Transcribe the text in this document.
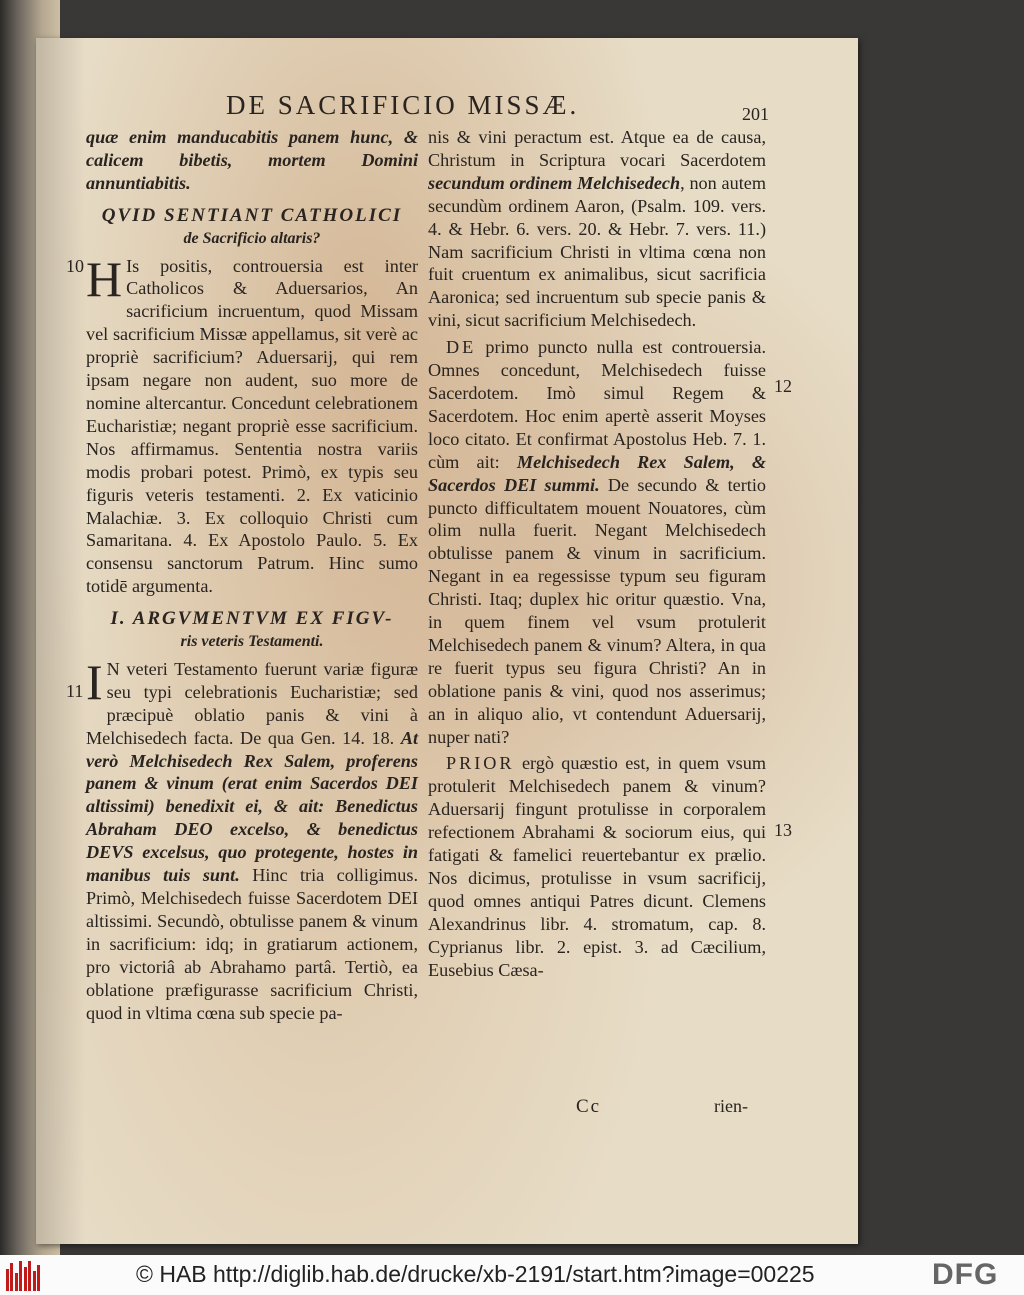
DE SACRIFICIO MISSÆ.	201

quæ enim manducabitis panem hunc, & calicem bibetis, mortem Domini annuntiabitis.

QVID SENTIANT CATHOLICI
de Sacrificio altaris?

H Is positis, controuersia est inter Catholicos & Aduersarios, An sacrificium incruentum, quod Missam vel sacrificium Missæ appellamus, sit verè ac propriè sacrificium? Aduersarij, qui rem ipsam negare non audent, suo more de nomine altercantur. Concedunt celebrationem Eucharistiæ; negant propriè esse sacrificium. Nos affirmamus. Sententia nostra variis modis probari potest. Primò, ex typis seu figuris veteris testamenti. 2. Ex vaticinio Malachiæ. 3. Ex colloquio Christi cum Samaritana. 4. Ex Apostolo Paulo. 5. Ex consensu sanctorum Patrum. Hinc sumo totidē argumenta.

I. ARGVMENTVM EX FIGV-
ris veteris Testamenti.

I N veteri Testamento fuerunt variæ figuræ seu typi celebrationis Eucharistiæ; sed præcipuè oblatio panis & vini à Melchisedech facta. De qua Gen. 14. 18. At verò Melchisedech Rex Salem, proferens panem & vinum (erat enim Sacerdos DEI altissimi) benedixit ei, & ait: Benedictus Abraham DEO excelso, & benedictus DEVS excelsus, quo protegente, hostes in manibus tuis sunt. Hinc tria colligimus. Primò, Melchisedech fuisse Sacerdotem DEI altissimi. Secundò, obtulisse panem & vinum in sacrificium: idq; in gratiarum actionem, pro victoriâ ab Abrahamo partâ. Tertiò, ea oblatione præfigurasse sacrificium Christi, quod in vltima cœna sub specie pa-

nis & vini peractum est. Atque ea de causa, Christum in Scriptura vocari Sacerdotem secundum ordinem Melchisedech, non autem secundùm ordinem Aaron, (Psalm. 109. vers. 4. & Hebr. 6. vers. 20. & Hebr. 7. vers. 11.) Nam sacrificium Christi in vltima cœna non fuit cruentum ex animalibus, sicut sacrificia Aaronica; sed incruentum sub specie panis & vini, sicut sacrificium Melchisedech.

DE primo puncto nulla est controuersia. Omnes concedunt, Melchisedech fuisse Sacerdotem. Imò simul Regem & Sacerdotem. Hoc enim apertè asserit Moyses loco citato. Et confirmat Apostolus Heb. 7. 1. cùm ait: Melchisedech Rex Salem, & Sacerdos DEI summi. De secundo & tertio puncto difficultatem mouent Nouatores, cùm olim nulla fuerit. Negant Melchisedech obtulisse panem & vinum in sacrificium. Negant in ea regessisse typum seu figuram Christi. Itaq; duplex hic oritur quæstio. Vna, in quem finem vel vsum protulerit Melchisedech panem & vinum? Altera, in qua re fuerit typus seu figura Christi? An in oblatione panis & vini, quod nos asserimus; an in aliquo alio, vt contendunt Aduersarij, nuper nati?

PRIOR ergò quæstio est, in quem vsum protulerit Melchisedech panem & vinum? Aduersarij fingunt protulisse in corporalem refectionem Abrahami & sociorum eius, qui fatigati & famelici reuertebantur ex prælio. Nos dicimus, protulisse in vsum sacrificij, quod omnes antiqui Patres dicunt. Clemens Alexandrinus libr. 4. stromatum, cap. 8. Cyprianus libr. 2. epist. 3. ad Cæcilium, Eusebius Cæsa-

10
11
12
13
Cc	rien-
© HAB http://diglib.hab.de/drucke/xb-2191/start.htm?image=00225	DFG
